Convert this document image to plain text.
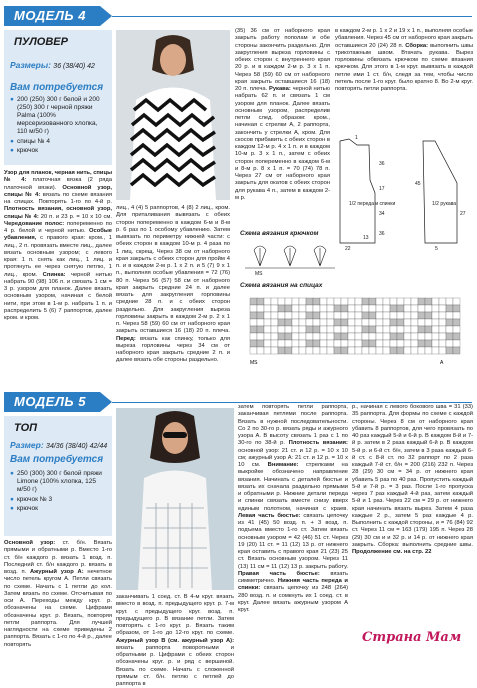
МОДЕЛЬ 4
ПУЛОВЕР
Размеры: 36 (38/40) 42
Вам потребуется
● 200 (250) 300 г белой и 200 (250) 300 г черной пряжи Palma (100% мерсеризованного хлопка, 110 м/50 г)
● спицы № 4
● крючок
Узор для планок, черная нить, спицы № 4: платочная вязка (2 ряда платочной вязки). Основной узор, спицы № 4: вязать по схеме вязания на спицах. Повторять 1-го по 4-й р. Плотность вязания, основной узор, спицы № 4: 20 п. и 23 р. = 10 х 10 см. Чередование полос: попеременно по 4 р. белой и черной нитью. Особые убавления, с правого края: кром., 1 лиц., 2 п. провязать вместе лиц., далее вязать основным узором; с левого края: 1 п. снять как лиц., 1 лиц. и протянуть ее через снятую петлю, 1 лиц., кром. Спинка: черной нитью набрать 90 (98) 106 п. и связать 1 см = 3 р. узором для планок. Далее вязать основным узором, начиная с белой нити, при этом в 1-м р. набрать 1 п. и распределить 5 (6) 7 раппортов, далее кром. и кром.
лиц., 4 (4) 5 раппортов, 4 (8) 2 лиц., кром. Для приталивания вывязать с обеих сторон попеременно в каждом 6-м и 8-м р. 6 раз по 1 особому убавлению. Затем вывязать по периметру нижней части: с обеих сторон в каждом 10-м р. 4 раза по 1 лиц. скрещ. Через 38 см от наборного края закрыть с обеих сторон для пройм 4 п. и в каждом 2-м р. 1 х 2 п. и 5 (7) 9 х 1 п., выполняя особые убавления = 72 (76) 80 п. Через 56 (57) 58 см от наборного края закрыть средние 24 п. и далее вязать для закругления горловины средние 28 п. и с обеих сторон раздельно. Для закругления выреза горловины закрыть в каждом 2-м р. 2 х 1 п. Через 58 (59) 60 см от наборного края закрыть оставшиеся 16 (18) 20 п. плеча. Перед: вязать как спинку, только для выреза горловины через 34 см от наборного края закрыть средние 2 п. и далее вязать обе стороны раздельно.
(35) 36 см от наборного края закрыть работу пополам и обе стороны закончить раздельно. Для закругления выреза горловины с обеих сторон с внутреннего края 20 р. и в каждом 2-м р. 3 х 1 п. Через 58 (59) 60 см от наборного края закрыть оставшиеся 16 (18) 20 п. плеча. Рукава: черной нитью набрать 62 п. и связать 1 см узором для планок. Далее вязать основным узором, распределив петли след. образом: кром., начиная с стрелки А, 2 раппорта, закончить у стрелки А, кром. Для скосов прибавить с обеих сторон в каждом 12-м р. 4 х 1 п. и в каждом 10-м р. 3 х 1 п., затем с обеих сторон попеременно в каждом 6-м и 8-м р. 8 х 1 п. = 70 (74) 78 п. Через 27 см от наборного края закрыть для окатов с обеих сторон для рукава 4 п., затем в каждом 2-м р.
в каждом 2-м р. 1 х 2 и 19 х 1 п., выполняя особые убавления. Через 45 см от наборного края закрыть оставшиеся 20 (24) 28 п. Сборка: выполнить швы трикотажным швом. Втачать рукава. Вырез горловины обвязать крючком по схеме вязания крючком. Для этого в 1-м круг. вывязать в каждой петле ими 1 ст. б/н, следя за тем, чтобы число петель после 1-го круг. было кратно 8. Во 2-м круг. повторять петли раппорта.
1/2 переда и спинки	1/2 рукава
22
36
17
34
36
27
45
1
13
5
Схема вязания крючком
MS
Схема вязания на спицах
MS	A
МОДЕЛЬ 5
ТОП
Размер: 34/36 (38/40) 42/44
Вам потребуется
● 250 (300) 300 г белой пряжи Limone (100% хлопка, 125 м/50 г)
● крючок № 3
● крючок
Основной узор: ст. б/н. Вязать прямыми и обратными р. Вместо 1-го ст. б/н каждого р. вязать 1 возд. п. Последний ст. б/н каждого р. вязать в возд. п. Ажурный узор А: нечетное число петель кругом А. Петли связать по схеме. Начать с 1 петли до кол. Затем вязать по схеме. Отсчитывая по оси А. Переходы между круг. р. обозначены на схеме. Цифрами обозначены круг. р. Вязать, повторяя петли раппорта. Для лучшей наглядности на схеме приведены 2 раппорта. Вязать с 1-го по 4-й р., далее повторять
заканчивать 1 соед. ст. В 4-м круг. вязать вместо в возд. п. предыдущего круг. р. 7-м круг. с предыдущего круг. возд. п. предыдущего р. В вязание петли. Затем повторять с 1-го круг. р. Вязать таким образом, от 1-го до 12-го круг. по схеме. Ажурный узор В (см. ажурный узор А): вязать раппорта поворотными и обратными р. Цифрами с обеих сторон обозначены круг. р. и ряд с вершиной. Вязать по схеме. Начать с сложенной прямым ст. б/н. петлю с петлей до раппорта в
затем повторять петли раппорта, заканчивая петлями после раппорта. Вязать в нужной последовательности. Со 2 по 30-го р. вязать ряды и ажурного узора А. В высоту связать 1 раз с 1 по 30-го по 38-й р. Плотность вязания: основной узор: 21 ст. и 12 р. = 10 х 10 см; ажурный узор А: 21 ст. и 12 р. = 10 х 10 см. Внимание: стрелками на выкройке обозначено направление вязания. Начинать с деталей бюстье и вязать их сначала раздельно прямыми и обратными р. Нижние детали переда и спинки связать вместе снизу вверх единым полотном, начиная с краев. Левая часть бюстье: связать цепочку из 41 (45) 50 возд. п. + 3 возд. п. подъема вместо 1-го ст. Затем вязать основным узором = 42 (46) 51 ст. Через 19 (20) 11 ст. = 11 (12) 13 р. от нижнего края оставить с правого края 21 (23) 25 ст. Вязать основным узором. Через 11 (13) 11 см = 11 (12) 13 р. закрыть работу. Правая часть бюстье: вязать симметрично. Нижняя часть переда и спинки: связать цепочку из 248 (264) 280 возд. п. и сомкнуть их 1 соед. ст. в круг. Далее вязать ажурным узором А круг.
р., начиная с левого бокового шва = 31 (33) 35 раппорта. Для формы по схеме с каждой стороны. Через 8 см от наборного края убавить 8 раппортов, для чего провязать по 40 раз каждый 5-й и 6-й р. В каждом 8-й и 7-й р. затем в 2 раза каждый 6-й р. В каждом 5-й р. и 6-й ст. б/н, затем в 3 раза каждый 6-й ст. с 8-й ст. по 32 раппорт по 2 раза каждый 7-й ст. б/н = 200 (216) 232 п. Через 28 (29) 30 см = 34 р. от нижнего края убавить 5 раз по 40 раз. Пропустить каждый 5-й и 7-й р. = 3 раз. После 1-го пропуска через 7 раз каждый 4-й раз, затем каждый 5-й и 1 раз. Через 22 см = 29 р. от нижнего края начинать вязать вырез. Затем 4 раза каждые 2 р., затем 5 раз каждые 4 р. Выполнить с каждой стороны, и = 76 (84) 92 ст. Через 11 см = 163 (179) 195 п. Через 28 (29) 30 см и и 32 р. и 14 р. от нижнего края закрыть. Сборка: выполнить средние швы. Продолжение см. на стр. 22
Страна Мам
